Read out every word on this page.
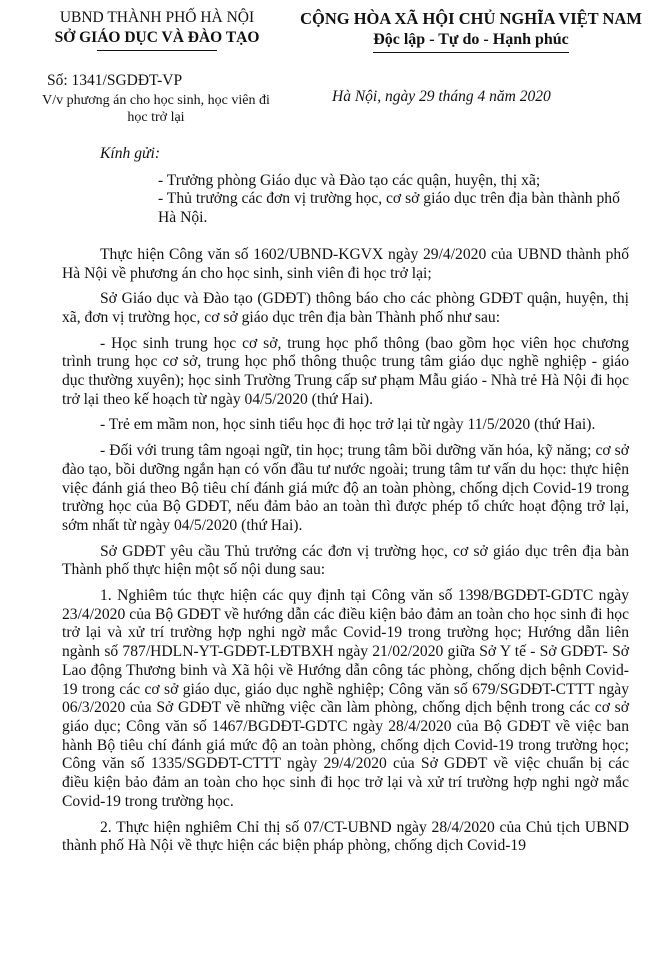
UBND THÀNH PHỐ HÀ NỘI
SỞ GIÁO DỤC VÀ ĐÀO TẠO
CỘNG HÒA XÃ HỘI CHỦ NGHĨA VIỆT NAM
Độc lập - Tự do - Hạnh phúc
Số: 1341/SGDĐT-VP
V/v phương án cho học sinh, học viên đi học trở lại
Hà Nội, ngày 29 tháng 4 năm 2020

Kính gửi:

- Trưởng phòng Giáo dục và Đào tạo các quận, huyện, thị xã;

- Thủ trưởng các đơn vị trường học, cơ sở giáo dục trên địa bàn thành phố Hà Nội.

Thực hiện Công văn số 1602/UBND-KGVX ngày 29/4/2020 của UBND thành phố Hà Nội về phương án cho học sinh, sinh viên đi học trở lại;

Sở Giáo dục và Đào tạo (GDĐT) thông báo cho các phòng GDĐT quận, huyện, thị xã, đơn vị trường học, cơ sở giáo dục trên địa bàn Thành phố như sau:

- Học sinh trung học cơ sở, trung học phổ thông (bao gồm học viên học chương trình trung học cơ sở, trung học phổ thông thuộc trung tâm giáo dục nghề nghiệp - giáo dục thường xuyên); học sinh Trường Trung cấp sư phạm Mẫu giáo - Nhà trẻ Hà Nội đi học trở lại theo kế hoạch từ ngày 04/5/2020 (thứ Hai).

- Trẻ em mầm non, học sinh tiểu học đi học trở lại từ ngày 11/5/2020 (thứ Hai).

- Đối với trung tâm ngoại ngữ, tin học; trung tâm bồi dưỡng văn hóa, kỹ năng; cơ sở đào tạo, bồi dưỡng ngắn hạn có vốn đầu tư nước ngoài; trung tâm tư vấn du học: thực hiện việc đánh giá theo Bộ tiêu chí đánh giá mức độ an toàn phòng, chống dịch Covid-19 trong trường học của Bộ GDĐT, nếu đảm bảo an toàn thì được phép tổ chức hoạt động trở lại, sớm nhất từ ngày 04/5/2020 (thứ Hai).

Sở GDĐT yêu cầu Thủ trưởng các đơn vị trường học, cơ sở giáo dục trên địa bàn Thành phố thực hiện một số nội dung sau:

1. Nghiêm túc thực hiện các quy định tại Công văn số 1398/BGDĐT-GDTC ngày 23/4/2020 của Bộ GDĐT về hướng dẫn các điều kiện bảo đảm an toàn cho học sinh đi học trở lại và xử trí trường hợp nghi ngờ mắc Covid-19 trong trường học; Hướng dẫn liên ngành số 787/HDLN-YT-GDĐT-LĐTBXH ngày 21/02/2020 giữa Sở Y tế - Sở GDĐT- Sở Lao động Thương binh và Xã hội về Hướng dẫn công tác phòng, chống dịch bệnh Covid-19 trong các cơ sở giáo dục, giáo dục nghề nghiệp; Công văn số 679/SGDĐT-CTTT ngày 06/3/2020 của Sở GDĐT về những việc cần làm phòng, chống dịch bệnh trong các cơ sở giáo dục; Công văn số 1467/BGDĐT-GDTC ngày 28/4/2020 của Bộ GDĐT về việc ban hành Bộ tiêu chí đánh giá mức độ an toàn phòng, chống dịch Covid-19 trong trường học; Công văn số 1335/SGDĐT-CTTT ngày 29/4/2020 của Sở GDĐT về việc chuẩn bị các điều kiện bảo đảm an toàn cho học sinh đi học trở lại và xử trí trường hợp nghi ngờ mắc Covid-19 trong trường học.

2. Thực hiện nghiêm Chỉ thị số 07/CT-UBND ngày 28/4/2020 của Chủ tịch UBND thành phố Hà Nội về thực hiện các biện pháp phòng, chống dịch Covid-19
